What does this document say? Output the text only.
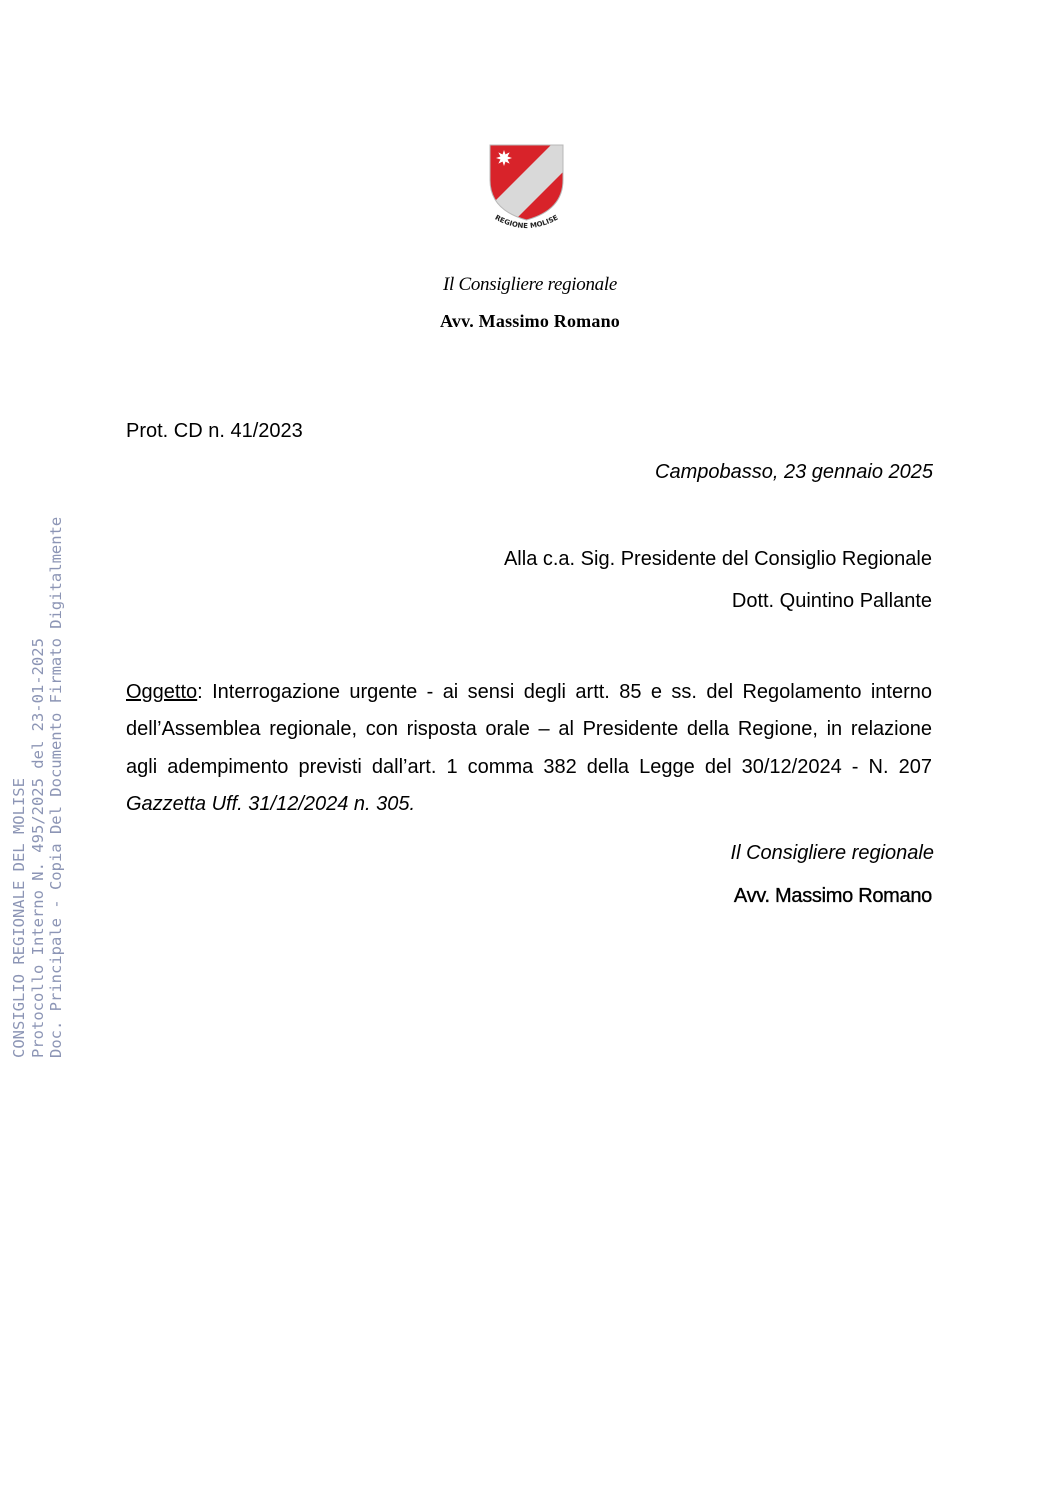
REGIONE MOLISE
Il Consigliere regionale
Avv. Massimo Romano
CONSIGLIO REGIONALE DEL MOLISE Protocollo Interno N. 495/2025 del 23-01-2025 Doc. Principale - Copia Del Documento Firmato Digitalmente
Prot. CD n. 41/2023
Campobasso, 23 gennaio 2025
Alla c.a. Sig. Presidente del Consiglio Regionale
Dott. Quintino Pallante
Oggetto: Interrogazione urgente - ai sensi degli artt. 85 e ss. del Regolamento interno dell’Assemblea regionale, con risposta orale – al Presidente della Regione, in relazione agli adempimento previsti dall’art. 1 comma 382 della Legge del 30/12/2024 - N. 207 Gazzetta Uff. 31/12/2024 n. 305.
Il Consigliere regionale
Avv. Massimo Romano
